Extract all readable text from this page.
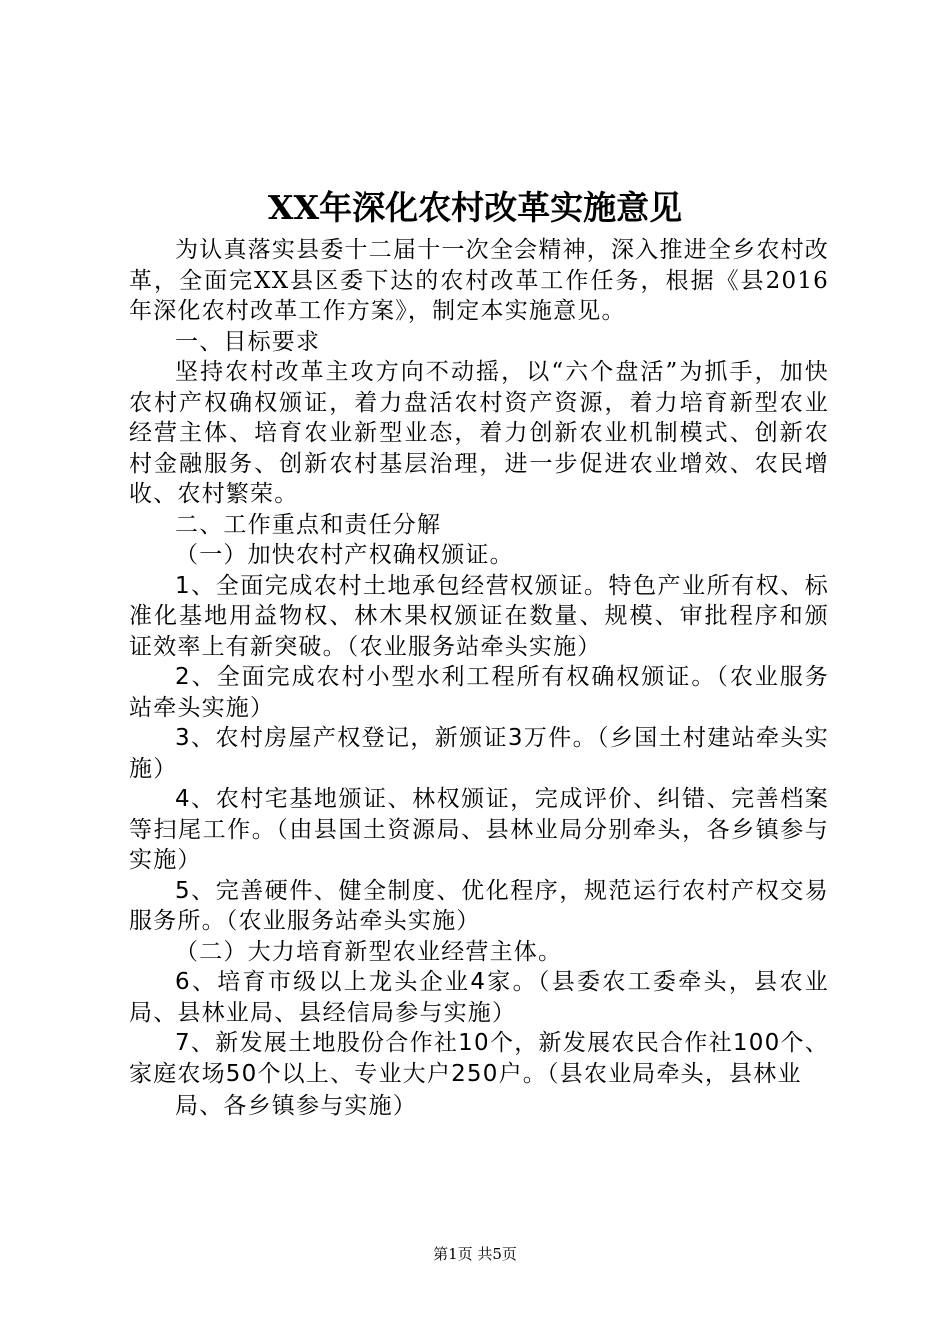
XX年深化农村改革实施意见

为认真落实县委十二届十一次全会精神，深入推进全乡农村改革，全面完XX县区委下达的农村改革工作任务，根据《县2016年深化农村改革工作方案》，制定本实施意见。

一、目标要求

坚持农村改革主攻方向不动摇，以“六个盘活”为抓手，加快农村产权确权颁证，着力盘活农村资产资源，着力培育新型农业经营主体、培育农业新型业态，着力创新农业机制模式、创新农村金融服务、创新农村基层治理，进一步促进农业增效、农民增收、农村繁荣。

二、工作重点和责任分解

（一）加快农村产权确权颁证。

1、全面完成农村土地承包经营权颁证。特色产业所有权、标准化基地用益物权、林木果权颁证在数量、规模、审批程序和颁证效率上有新突破。（农业服务站牵头实施）

2、全面完成农村小型水利工程所有权确权颁证。（农业服务站牵头实施）

3、农村房屋产权登记，新颁证3万件。（乡国土村建站牵头实施）

4、农村宅基地颁证、林权颁证，完成评价、纠错、完善档案等扫尾工作。（由县国土资源局、县林业局分别牵头，各乡镇参与实施）

5、完善硬件、健全制度、优化程序，规范运行农村产权交易服务所。（农业服务站牵头实施）

（二）大力培育新型农业经营主体。

6、培育市级以上龙头企业4家。（县委农工委牵头，县农业局、县林业局、县经信局参与实施）

7、新发展土地股份合作社10个，新发展农民合作社100个、家庭农场50个以上、专业大户250户。（县农业局牵头，县林业

局、各乡镇参与实施）

第1页 共5页
